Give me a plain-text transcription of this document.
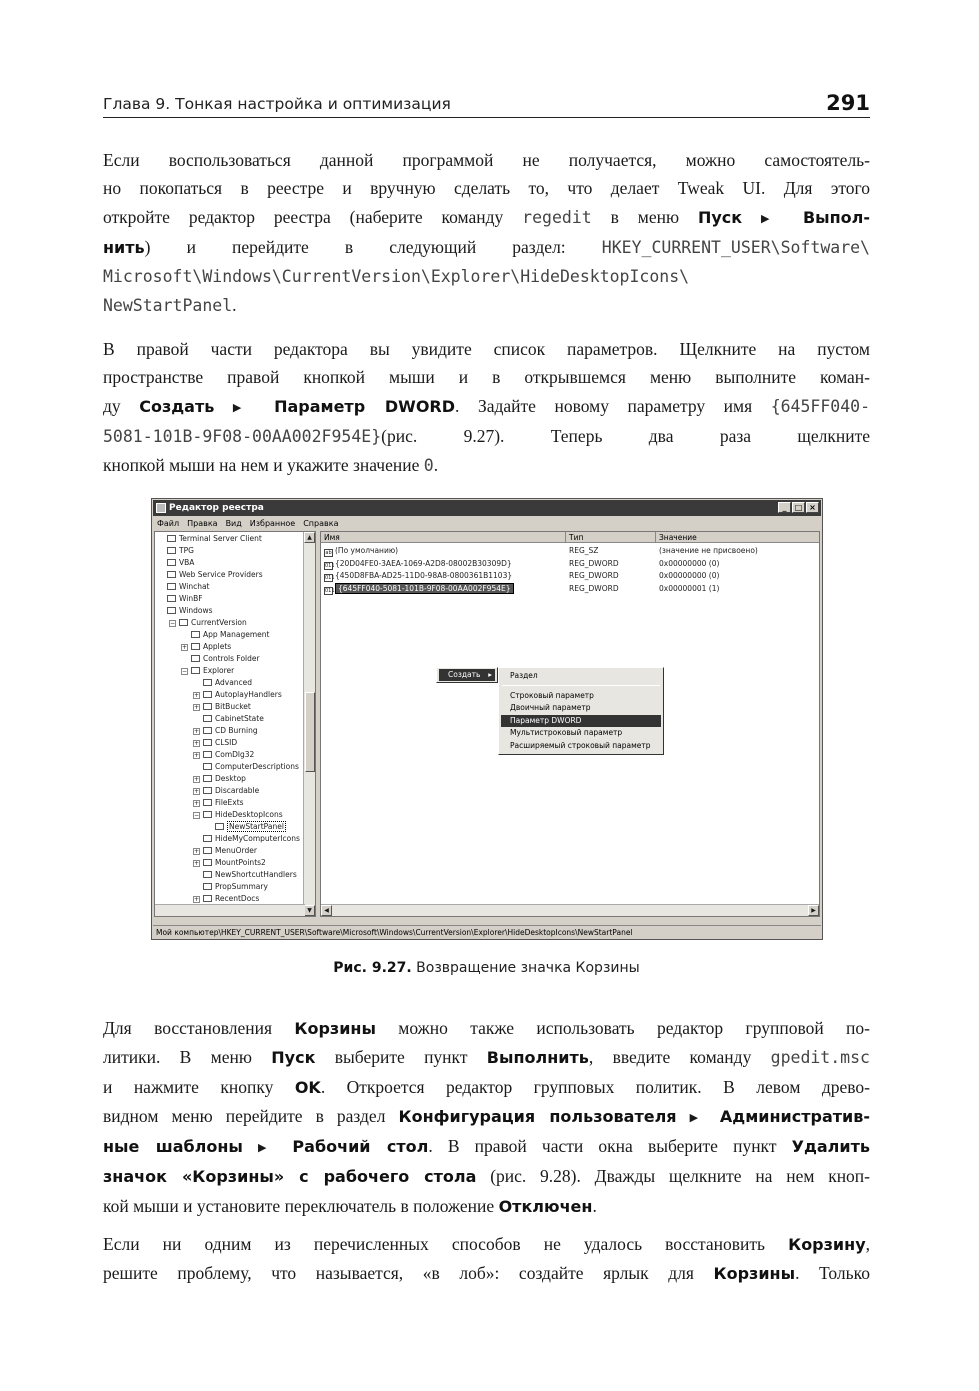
Глава 9. Тонкая настройка и оптимизация	291
Если воспользоваться данной программой не получается, можно самостоятель-
но покопаться в реестре и вручную сделать то, что делает Tweak UI. Для этого
откройте редактор реестра (наберите команду regedit в меню Пуск ▶ Выпол-
нить) и перейдите в следующий раздел: HKEY_CURRENT_USER\Software\
Microsoft\Windows\CurrentVersion\Explorer\HideDesktopIcons\
NewStartPanel.
В правой части редактора вы увидите список параметров. Щелкните на пустом
пространстве правой кнопкой мыши и в открывшемся меню выполните коман-
ду Создать ▶ Параметр DWORD. Задайте новому параметру имя {645FF040-
5081-101B-9F08-00AA002F954E}(рис. 9.27). Теперь два раза щелкните
кнопкой мыши на нем и укажите значение 0.
Редактор реестра	_	□ ×
Файл Правка Вид Избранное Справка
▲
▼
Terminal Server Client
TPG
VBA
Web Service Providers
Winchat
WinBF
Windows
− CurrentVersion
App Management
+ Applets
Controls Folder
− Explorer
Advanced
+ AutoplayHandlers
+ BitBucket
CabinetState
+ CD Burning
+ CLSID
+ ComDlg32
ComputerDescriptions
+ Desktop
+ Discardable
+ FileExts
− HideDesktopIcons
NewStartPanel
HideMyComputerIcons
+ MenuOrder
+ MountPoints2
NewShortcutHandlers
PropSummary
+ RecentDocs
Имя	Тип	Значение
◀	▶
ab (По умолчанию)	REG_SZ	(значение не присвоено)
011{20D04FE0-3AEA-1069-A2D8-08002B30309D}	REG_DWORD	0x00000000 (0)
011{450D8FBA-AD25-11D0-98A8-0800361B1103}	REG_DWORD	0x00000000 (0)
011 {645FF040-5081-101B-9F08-00AA002F954E}	REG_DWORD	0x00000001 (1)
Создать ▸	Раздел
Строковый параметр
Двоичный параметр
Параметр DWORD
Мультистроковый параметр
Расширяемый строковый параметр
Мой компьютер\HKEY_CURRENT_USER\Software\Microsoft\Windows\CurrentVersion\Explorer\HideDesktopIcons\NewStartPanel
Рис. 9.27. Возвращение значка Корзины
Для восстановления Корзины можно также использовать редактор групповой по-
литики. В меню Пуск выберите пункт Выполнить, введите команду gpedit.msc
и нажмите кнопку OK. Откроется редактор групповых политик. В левом древо-
видном меню перейдите в раздел Конфигурация пользователя ▶ Административ-
ные шаблоны ▶ Рабочий стол. В правой части окна выберите пункт Удалить
значок «Корзины» с рабочего стола (рис. 9.28). Дважды щелкните на нем кноп-
кой мыши и установите переключатель в положение Отключен.
Если ни одним из перечисленных способов не удалось восстановить Корзину,
решите проблему, что называется, «в лоб»: создайте ярлык для Корзины. Только
